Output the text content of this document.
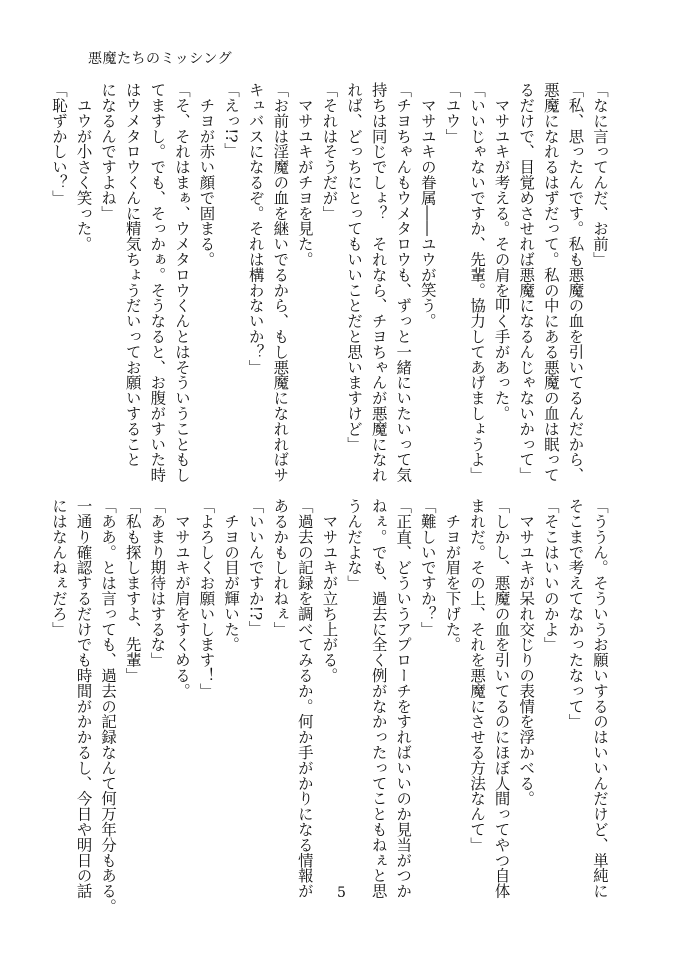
悪魔たちのミッシング
「なに言ってんだ、お前」
「私、思ったんです。私も悪魔の血を引いてるんだから、
悪魔になれるはずだって。私の中にある悪魔の血は眠って
るだけで、目覚めさせれば悪魔になるんじゃないかって」
　マサユキが考える。その肩を叩く手があった。
「いいじゃないですか、先輩。協力してあげましょうよ」
「ユウ」
　マサユキの眷属――ユウが笑う。
「チヨちゃんもウメタロウも、ずっと一緒にいたいって気
持ちは同じでしょ？　それなら、チヨちゃんが悪魔になれ
れば、どっちにとってもいいことだと思いますけど」
「それはそうだが」
　マサユキがチヨを見た。
「お前は淫魔の血を継いでるから、もし悪魔になれればサ
キュバスになるぞ。それは構わないか？」
「えっ!?」
　チヨが赤い顔で固まる。
「そ、それはまぁ、ウメタロウくんとはそういうこともし
てますし。でも、そっかぁ。そうなると、お腹がすいた時
はウメタロウくんに精気ちょうだいってお願いすること
になるんですよね」
　ユウが小さく笑った。
「恥ずかしい？」
「ううん。そういうお願いするのはいいんだけど、単純に
そこまで考えてなかったなって」
「そこはいいのかよ」
　マサユキが呆れ交じりの表情を浮かべる。
「しかし、悪魔の血を引いてるのにほぼ人間ってやつ自体
まれだ。その上、それを悪魔にさせる方法なんて」
　チヨが眉を下げた。
「難しいですか？」
「正直、どういうアプローチをすればいいのか見当がつか
ねぇ。でも、過去に全く例がなかったってこともねぇと思
うんだよな」
　マサユキが立ち上がる。
「過去の記録を調べてみるか。何か手がかりになる情報が
あるかもしれねぇ」
「いいんですか!?」
　チヨの目が輝いた。
「よろしくお願いします！」
　マサユキが肩をすくめる。
「あまり期待はするな」
「私も探しますよ、先輩」
「ああ。とは言っても、過去の記録なんて何万年分もある。
一通り確認するだけでも時間がかかるし、今日や明日の話
にはなんねぇだろ」
5
